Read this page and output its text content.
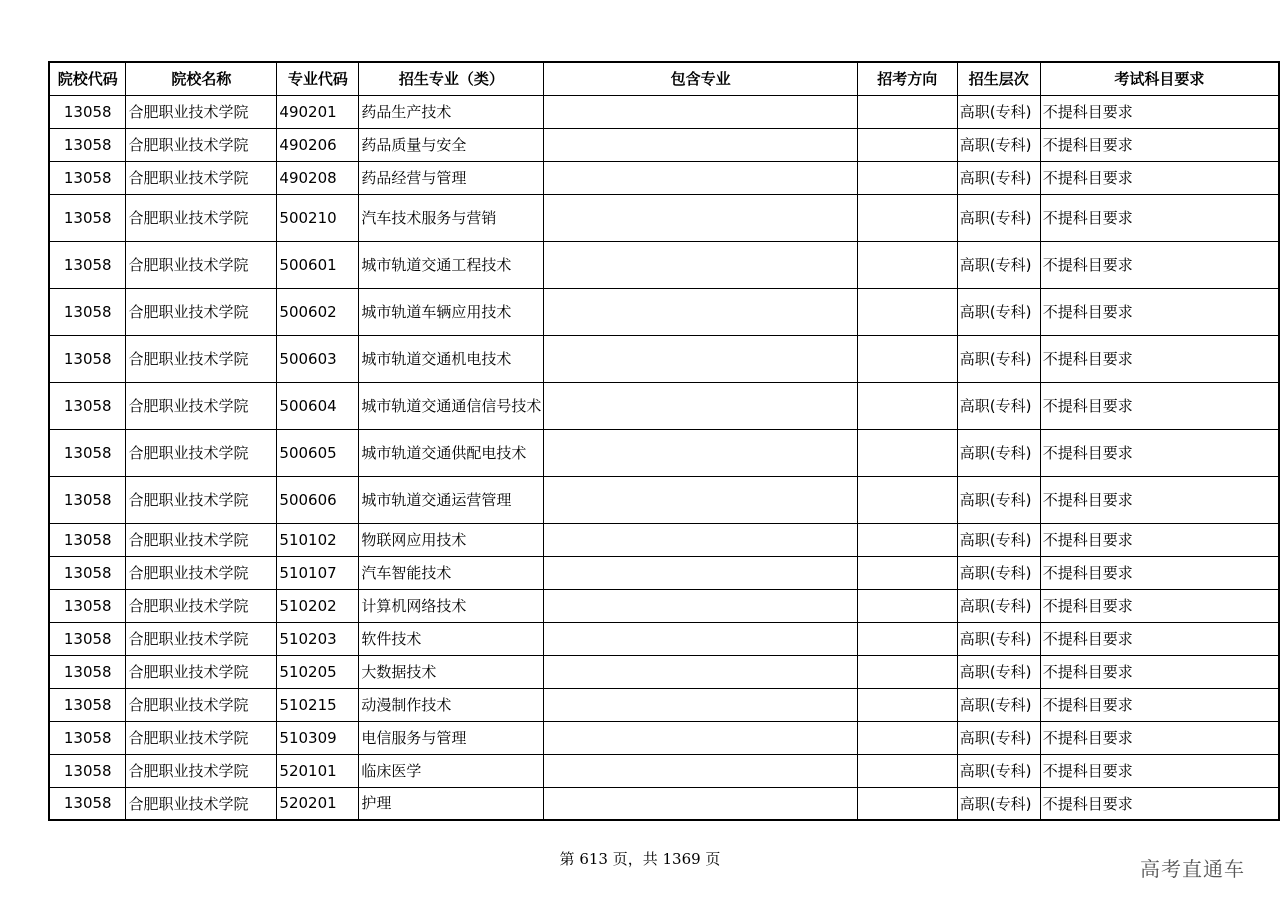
院校代码	院校名称	专业代码	招生专业（类）	包含专业	招考方向	招生层次	考试科目要求
13058	合肥职业技术学院	490201	药品生产技术			高职(专科)	不提科目要求
13058	合肥职业技术学院	490206	药品质量与安全			高职(专科)	不提科目要求
13058	合肥职业技术学院	490208	药品经营与管理			高职(专科)	不提科目要求
13058	合肥职业技术学院	500210	汽车技术服务与营销			高职(专科)	不提科目要求
13058	合肥职业技术学院	500601	城市轨道交通工程技术			高职(专科)	不提科目要求
13058	合肥职业技术学院	500602	城市轨道车辆应用技术			高职(专科)	不提科目要求
13058	合肥职业技术学院	500603	城市轨道交通机电技术			高职(专科)	不提科目要求
13058	合肥职业技术学院	500604	城市轨道交通通信信号技术			高职(专科)	不提科目要求
13058	合肥职业技术学院	500605	城市轨道交通供配电技术			高职(专科)	不提科目要求
13058	合肥职业技术学院	500606	城市轨道交通运营管理			高职(专科)	不提科目要求
13058	合肥职业技术学院	510102	物联网应用技术			高职(专科)	不提科目要求
13058	合肥职业技术学院	510107	汽车智能技术			高职(专科)	不提科目要求
13058	合肥职业技术学院	510202	计算机网络技术			高职(专科)	不提科目要求
13058	合肥职业技术学院	510203	软件技术			高职(专科)	不提科目要求
13058	合肥职业技术学院	510205	大数据技术			高职(专科)	不提科目要求
13058	合肥职业技术学院	510215	动漫制作技术			高职(专科)	不提科目要求
13058	合肥职业技术学院	510309	电信服务与管理			高职(专科)	不提科目要求
13058	合肥职业技术学院	520101	临床医学			高职(专科)	不提科目要求
13058	合肥职业技术学院	520201	护理			高职(专科)	不提科目要求
第 613 页，共 1369 页	高考直通车
